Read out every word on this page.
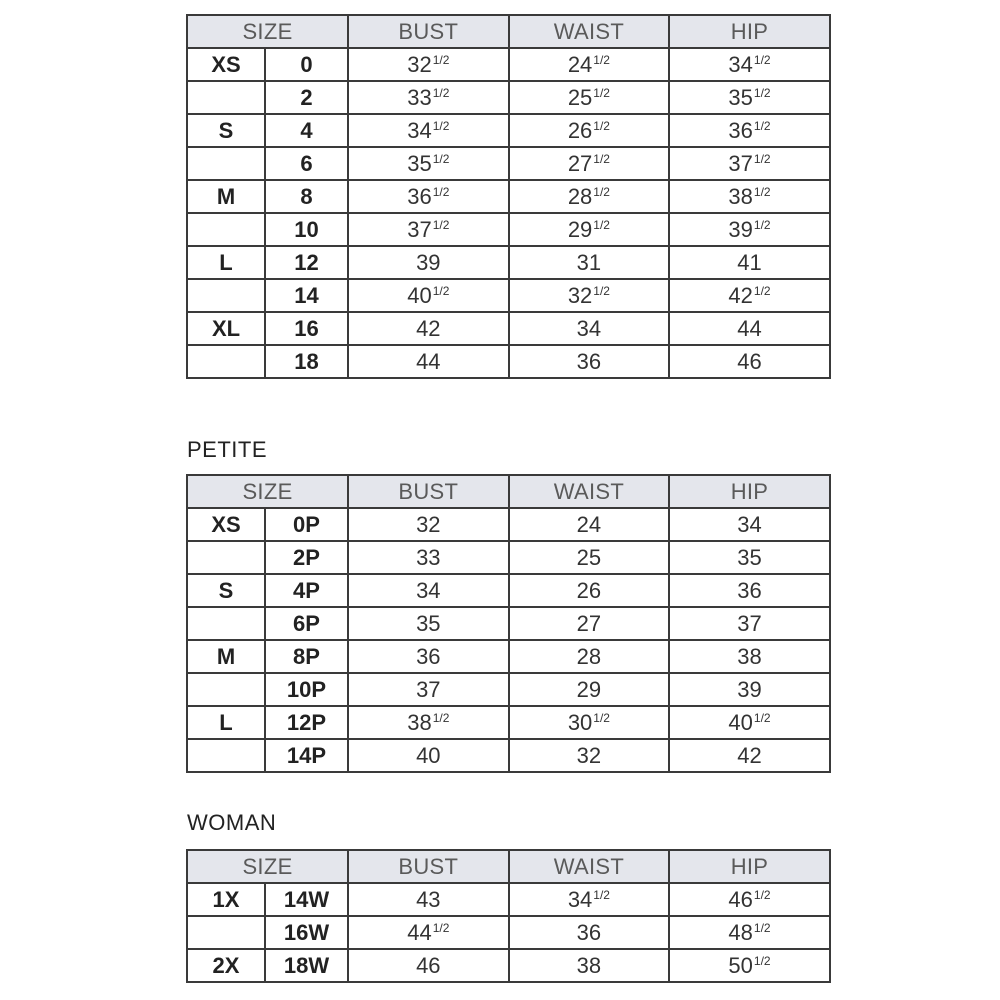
SIZE		BUST	WAIST	HIP
XS	0	$32^{1/2}$	$24^{1/2}$	$34^{1/2}$
	2	$33^{1/2}$	$25^{1/2}$	$35^{1/2}$
S	4	$34^{1/2}$	$26^{1/2}$	$36^{1/2}$
	6	$35^{1/2}$	$27^{1/2}$	$37^{1/2}$
M	8	$36^{1/2}$	$28^{1/2}$	$38^{1/2}$
	10	$37^{1/2}$	$29^{1/2}$	$39^{1/2}$
L	12	39	31	41
	14	$40^{1/2}$	$32^{1/2}$	$42^{1/2}$
XL	16	42	34	44
	18	44	36	46
PETITE
SIZE		BUST	WAIST	HIP
XS	0P	32	24	34
	2P	33	25	35
S	4P	34	26	36
	6P	35	27	37
M	8P	36	28	38
	10P	37	29	39
L	12P	$38^{1/2}$	$30^{1/2}$	$40^{1/2}$
	14P	40	32	42
WOMAN
SIZE		BUST	WAIST	HIP
1X	14W	43	$34^{1/2}$	$46^{1/2}$
	16W	$44^{1/2}$	36	$48^{1/2}$
2X	18W	46	38	$50^{1/2}$
